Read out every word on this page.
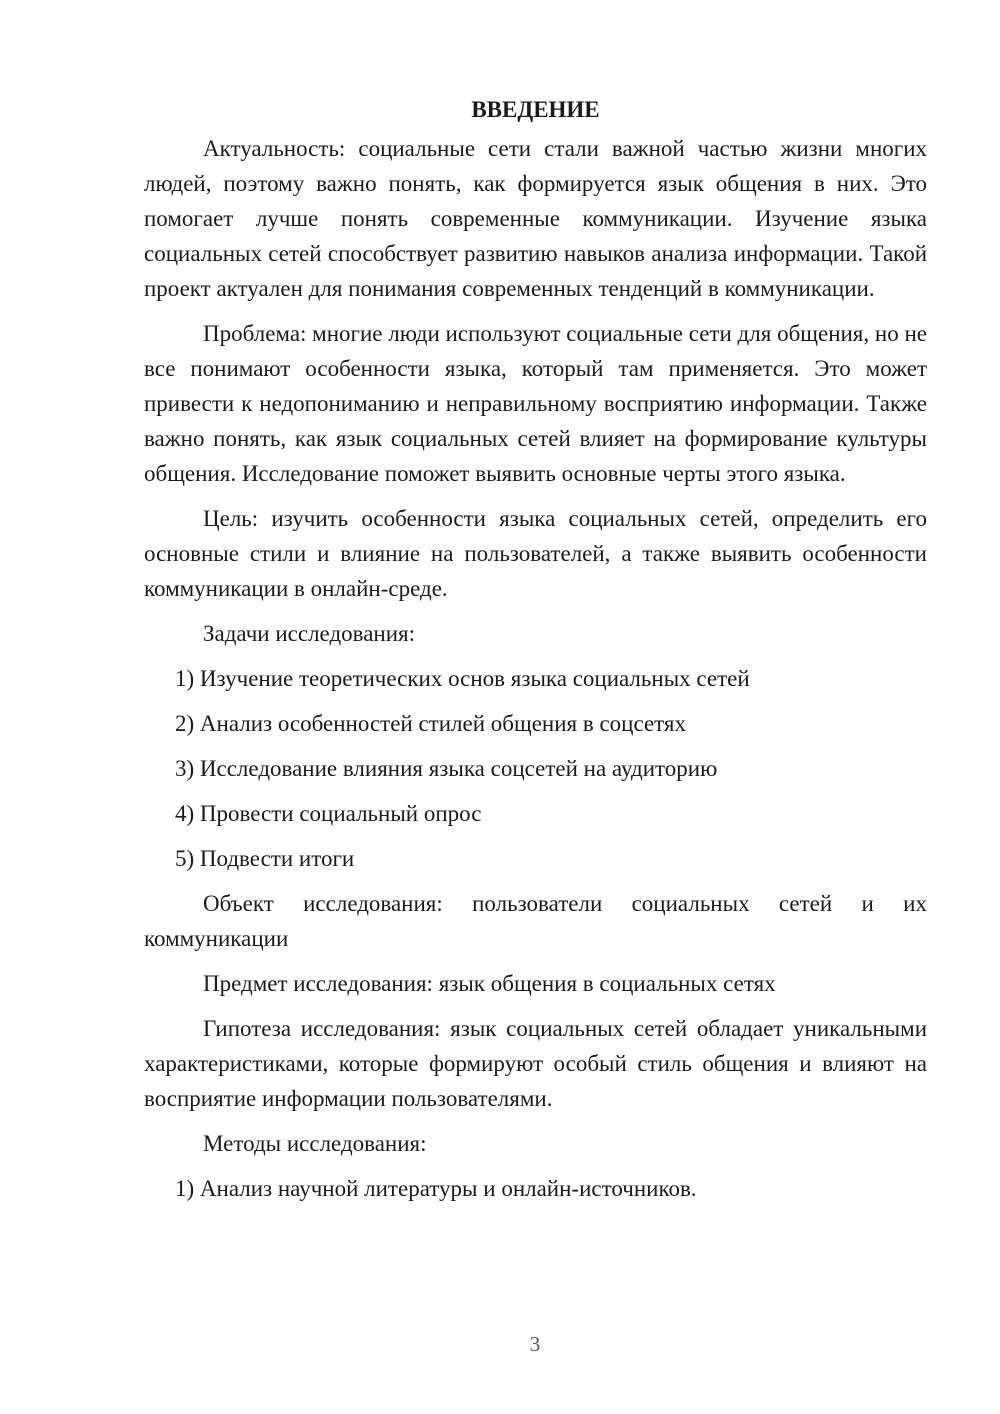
ВВЕДЕНИЕ

Актуальность: социальные сети стали важной частью жизни многих людей, поэтому важно понять, как формируется язык общения в них. Это помогает лучше понять современные коммуникации. Изучение языка социальных сетей способствует развитию навыков анализа информации. Такой проект актуален для понимания современных тенденций в коммуникации.

Проблема: многие люди используют социальные сети для общения, но не все понимают особенности языка, который там применяется. Это может привести к недопониманию и неправильному восприятию информации. Также важно понять, как язык социальных сетей влияет на формирование культуры общения. Исследование поможет выявить основные черты этого языка.

Цель: изучить особенности языка социальных сетей, определить его основные стили и влияние на пользователей, а также выявить особенности коммуникации в онлайн-среде.

Задачи исследования:

1) Изучение теоретических основ языка социальных сетей
2) Анализ особенностей стилей общения в соцсетях
3) Исследование влияния языка соцсетей на аудиторию
4) Провести социальный опрос
5) Подвести итоги

Объект исследования: пользователи социальных сетей и их коммуникации

Предмет исследования: язык общения в социальных сетях

Гипотеза исследования: язык социальных сетей обладает уникальными характеристиками, которые формируют особый стиль общения и влияют на восприятие информации пользователями.

Методы исследования:

1) Анализ научной литературы и онлайн-источников.
3
